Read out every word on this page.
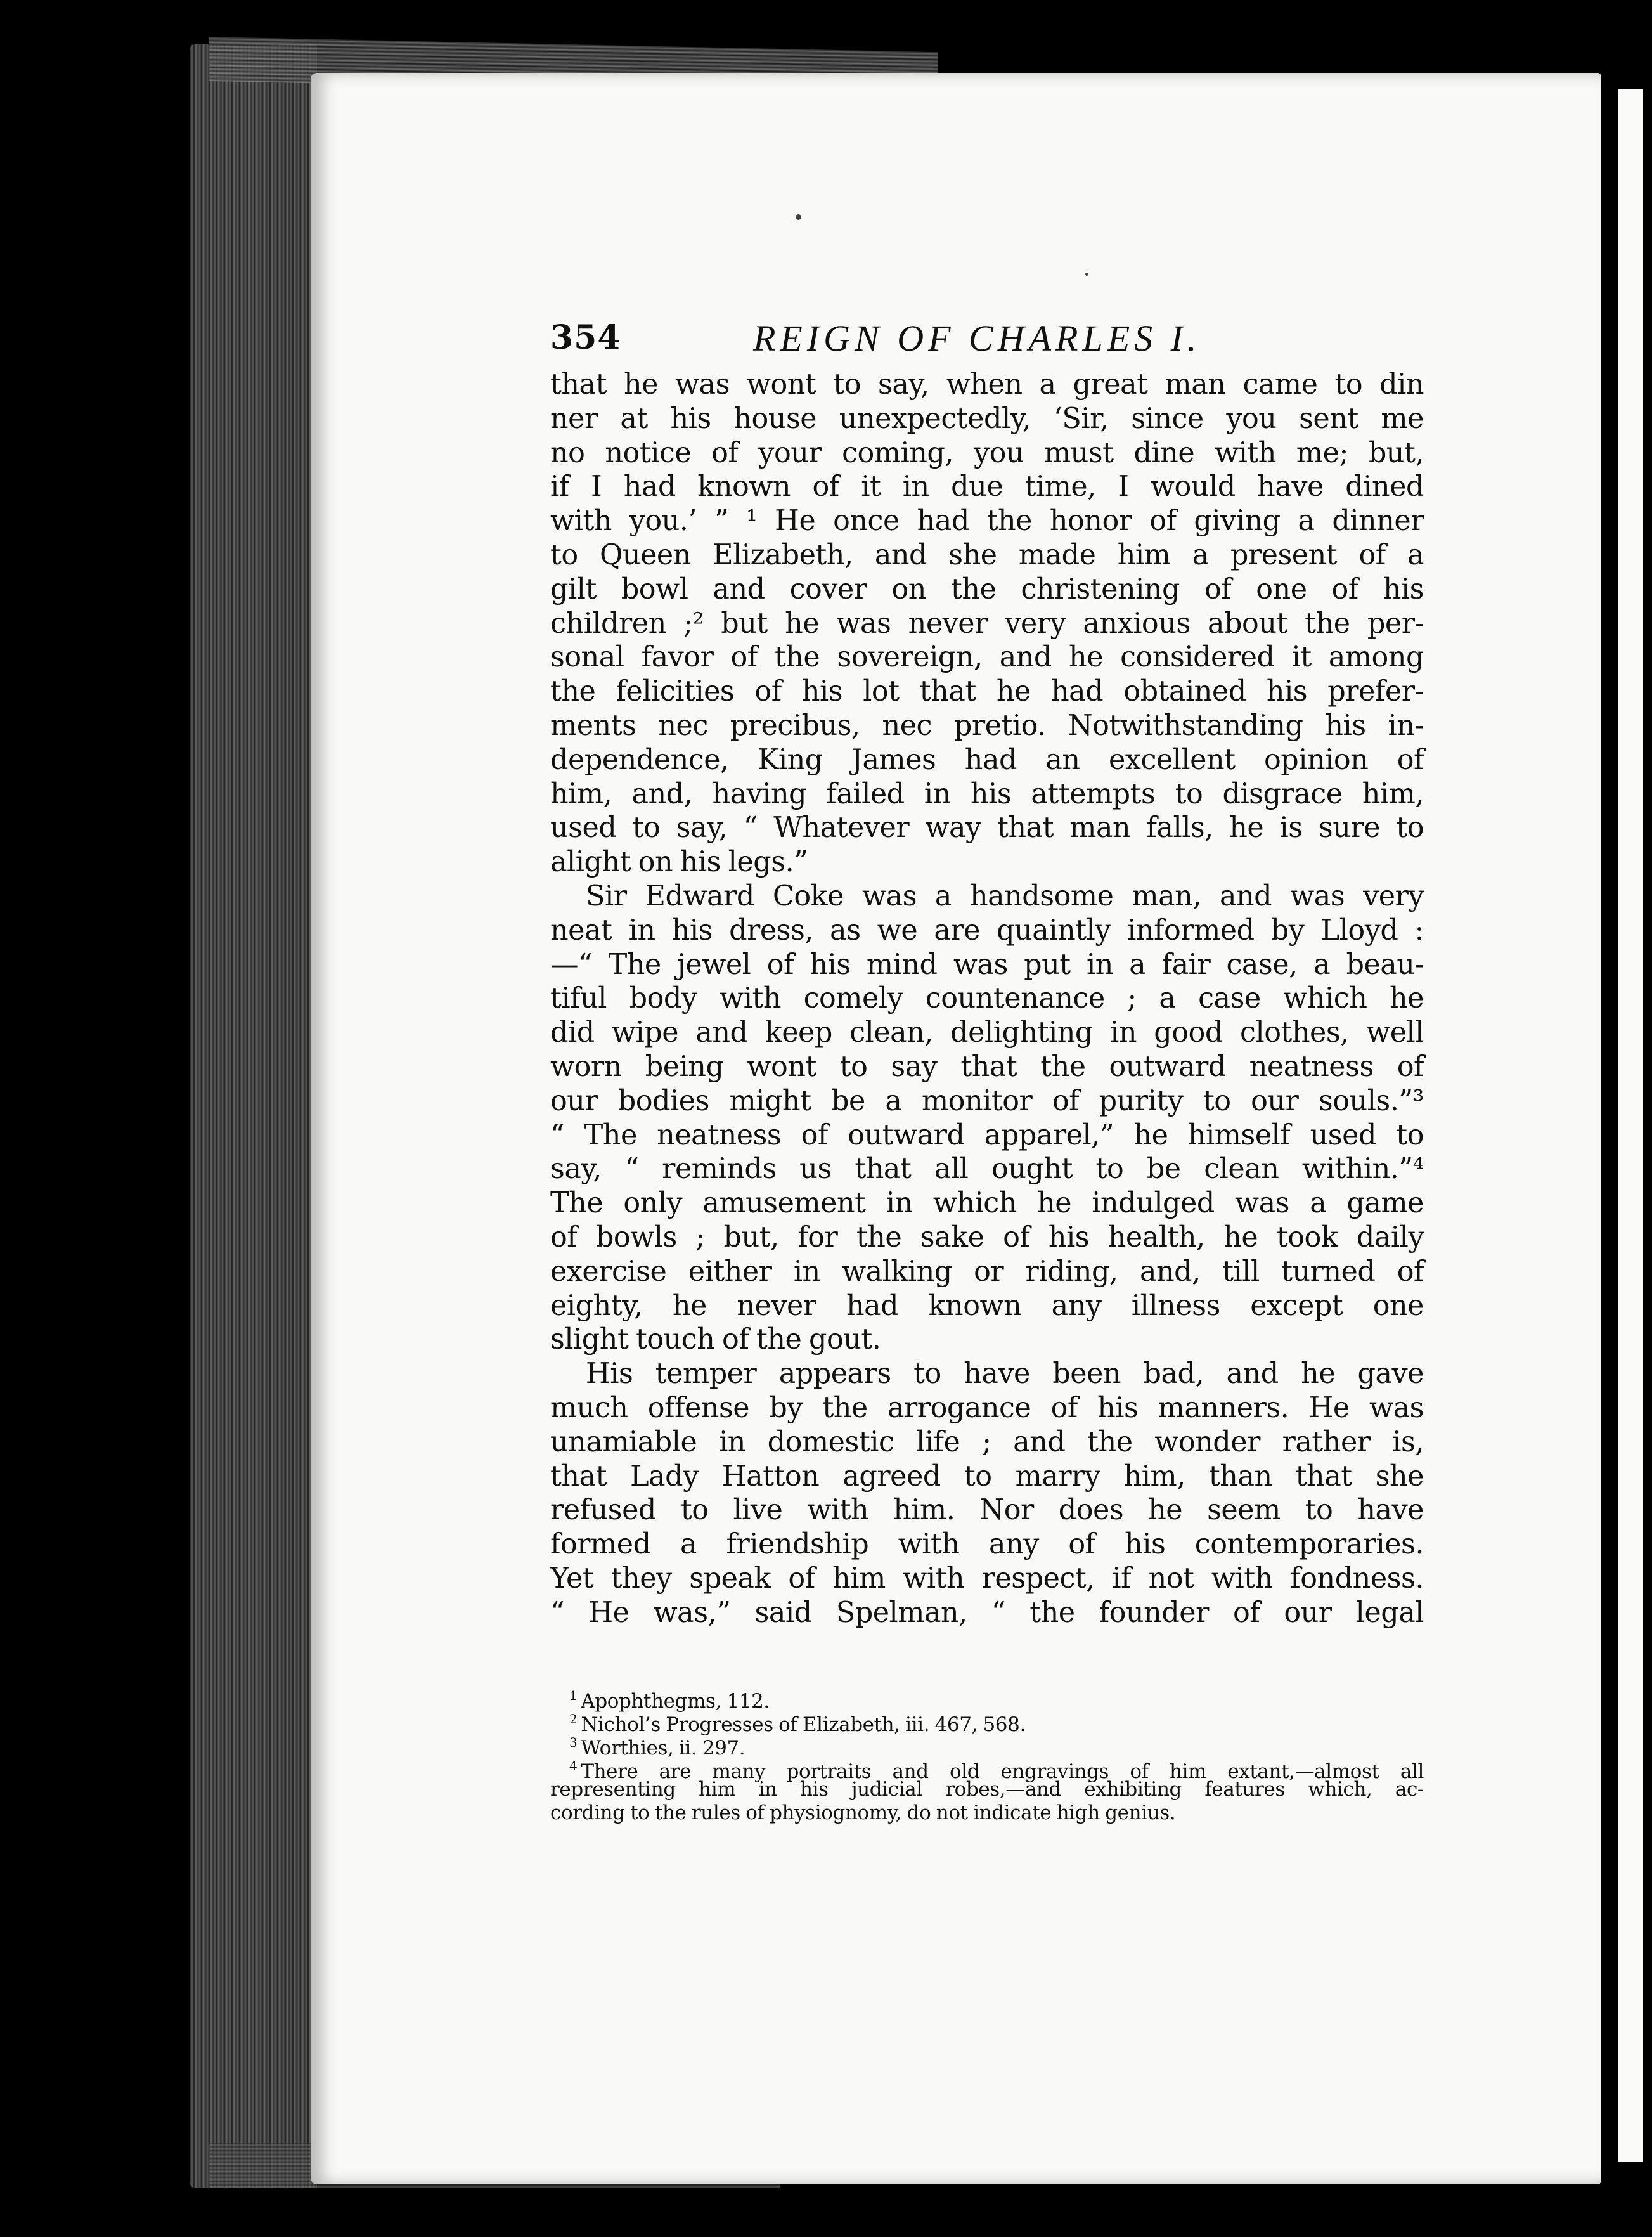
354	REIGN OF CHARLES I.
that he was wont to say, when a great man came to din
ner at his house unexpectedly, ‘Sir, since you sent me
no notice of your coming, you must dine with me; but,
if I had known of it in due time, I would have dined
with you.’ ” ¹ He once had the honor of giving a dinner
to Queen Elizabeth, and she made him a present of a
gilt bowl and cover on the christening of one of his
children ;² but he was never very anxious about the per-
sonal favor of the sovereign, and he considered it among
the felicities of his lot that he had obtained his prefer-
ments nec precibus, nec pretio. Notwithstanding his in-
dependence, King James had an excellent opinion of
him, and, having failed in his attempts to disgrace him,
used to say, “ Whatever way that man falls, he is sure to
alight on his legs.”
Sir Edward Coke was a handsome man, and was very
neat in his dress, as we are quaintly informed by Lloyd :
—“ The jewel of his mind was put in a fair case, a beau-
tiful body with comely countenance ; a case which he
did wipe and keep clean, delighting in good clothes, well
worn being wont to say that the outward neatness of
our bodies might be a monitor of purity to our souls.”³
“ The neatness of outward apparel,” he himself used to
say, “ reminds us that all ought to be clean within.”⁴
The only amusement in which he indulged was a game
of bowls ; but, for the sake of his health, he took daily
exercise either in walking or riding, and, till turned of
eighty, he never had known any illness except one
slight touch of the gout.
His temper appears to have been bad, and he gave
much offense by the arrogance of his manners. He was
unamiable in domestic life ; and the wonder rather is,
that Lady Hatton agreed to marry him, than that she
refused to live with him. Nor does he seem to have
formed a friendship with any of his contemporaries.
Yet they speak of him with respect, if not with fondness.
“ He was,” said Spelman, “ the founder of our legal
$^1$ Apophthegms, 112.
$^2$ Nichol’s Progresses of Elizabeth, iii. 467, 568.
$^3$ Worthies, ii. 297.
$^4$ There are many portraits and old engravings of him extant,—almost all
representing him in his judicial robes,—and exhibiting features which, ac-
cording to the rules of physiognomy, do not indicate high genius.
